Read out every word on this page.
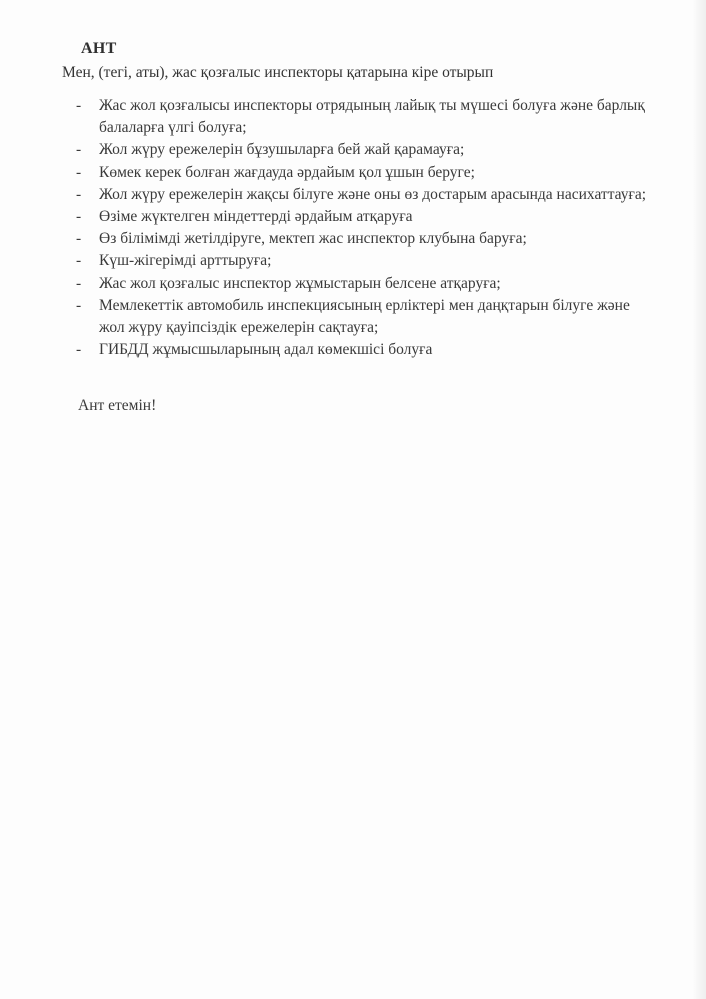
АНТ
Мен, (тегі, аты), жас қозғалыс инспекторы қатарына кіре отырып
- Жас жол қозғалысы инспекторы отрядының лайық ты мүшесі болуға және барлық балаларға үлгі болуға;
- Жол жүру ережелерін бұзушыларға бей жай қарамауға;
- Көмек керек болған жағдауда әрдайым қол ұшын беруге;
- Жол жүру ережелерін жақсы білуге және оны өз достарым арасында насихаттауға;
- Өзіме жүктелген міндеттерді әрдайым атқаруға
- Өз білімімді жетілдіруге, мектеп жас инспектор клубына баруға;
- Күш-жігерімді арттыруға;
- Жас жол қозғалыс инспектор жұмыстарын белсене атқаруға;
- Мемлекеттік автомобиль инспекциясының ерліктері мен даңқтарын білуге және жол жүру қауіпсіздік ережелерін сақтауға;
- ГИБДД жұмысшыларының адал көмекшісі болуға
Ант етемін!
